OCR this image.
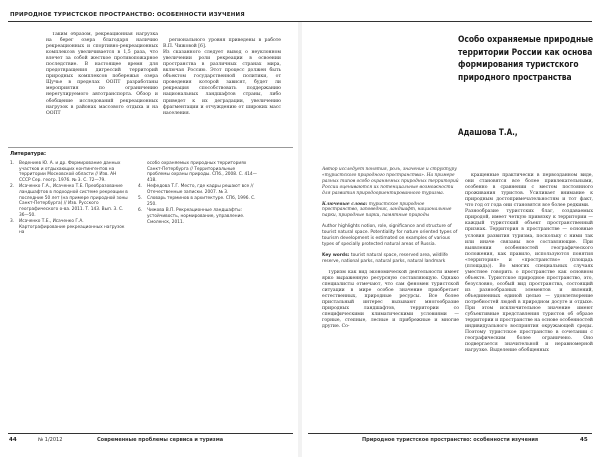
ПРИРОДНОЕ ТУРИСТСКОЕ ПРОСТРАНСТВО: ОСОБЕННОСТИ ИЗУЧЕНИЯ

Таким образом, рекреационная нагрузка на берег озера благодаря наличию рекреационных и спортивно-рекреационных комплексов увеличивается в 1,5 раза, что влечет за собой жесткое противопожарное последствие. В настоящее время для предотвращения дигрессий территорий природных комплексов побережья озера Щучье в пределах ООПТ разработаны мероприятия по ограничению нерегулируемого автотранспорта. Обзор и обобщение исследований рекреационных нагрузок в районах массового отдыха и на ООПТ

регионального уровня приведены в работе В.П. Чижовой [6].
Из сказанного следует вывод о неуклонном увеличении роли рекреации в освоении пространства в различных странах мира, включая Россию. Этот процесс должен быть объектом государственной политики, от проведения которой зависят, будет ли рекреация способствовать поддержанию национальных ландшафтов страны, либо приведет к их деградации, увеличению фрагментации и отчуждению от широких масс населения.

Литература:
1.	Ведениев Ю. А. и др. Формирование данных участков и отдыхающих контингентов на территории Московской области // Изв. АН СССР Сер. геогр. 1976. № 3. С. 72—79.
2.	Исаченко Г.А., Исаченко Т.Е. Преобразование ландшафтов в подходной системе рекреации в последние 50 лет (на примере природной зоны Санкт-Петербурга) // Изв. Русского географического о-ва. 2011. Т. 143. Вып. 3. С. 36—50.
3.	Исаченко Т.Е., Исаченко Г.А. Картографирование рекреационных нагрузок на
особо охраняемых природных территориях Санкт-Петербурга // Территориальные проблемы охраны природы. СПб., 2008. С. 414—418.
4.	Нефедова Т.Г. Место, где кадры решают все // Отечественные записки. 2007. № 3.
5.	Словарь терминов в архитектуре. СПб, 1996. С. 250.
6.	Чижова В.П. Рекреационные ландшафты: устойчивость, нормирование, управление. Смоленск, 2011.
44	№ 1/2012	Современные проблемы сервиса и туризма
Особо охраняемые природные территории России как основа формирования туристского природного пространства
Адашова Т.А.,
Автор исследует понятия, роль, значение и структуру «туристского природного пространства». На примере разных типов особо охраняемых природных территорий России оцениваются их потенциальные возможности для развития природоориентированного туризма.
Ключевые слова: туристское природное пространство, заповедник, ландшафт, национальные парки, природные парки, памятные природы
Author highlights notion, role, significance and structure of tourist natural space. Potentiality for nature oriented types of tourism development is estimated on examples of various types of specially protected natural areas of Russia.
Key words: tourist natural space, reserved area, wildlife reserve, national parks, natural parks, natural landmark

Туризм как вид экономической деятельности имеет ярко выраженную ресурсную составляющую. Однако специалисты отмечают, что сам феномен туристской ситуации в мире особое значение приобретает естественных, природные ресурсы. Все более пристальный интерес вызывают многообразие природных ландшафтов, территории со специфическими климатическими условиями — горные, степные, лесные и прибрежные и многие другие. Со-

кращенные практически в первозданном виде, они становятся все более привлекательными, особенно в сравнении с местом постоянного проживания туристов. Усиливает внимание к природным достопримечательностям и тот факт, что год от года они становятся все более редкими.
Разнообразие туристских благ, создаваемых природой, имеет четкую привязку к территории — каждый туристский объект пространственный признак. Территория в пространстве — основные условия развития туризма, поскольку с ними так или иначе связаны все составляющие. При выявлении особенностей географического положения, как правило, используются понятия «территория» и «пространство» (площадь (площадь)). Во многих специальных случаях уместнее говорить о пространстве как основном объекте. Туристское природное пространство, это, безусловно, особый вид пространства, состоящий из разнообразных элементов и явлений, объединенных единой целью — удовлетворение потребностей людей в природном досуге и отдыхе. При этом исключительное значение имеют субъективные представления туристов об образе территории и пространстве на основе особенностей индивидуального восприятия окружающей среды. Поэтому туристское пространство в сочетании с географическим более ограничено. Оно подвергается значительной и неравномерной нагрузке. Выделение обобщенных

Природное туристское пространство: особенности изучения	45
